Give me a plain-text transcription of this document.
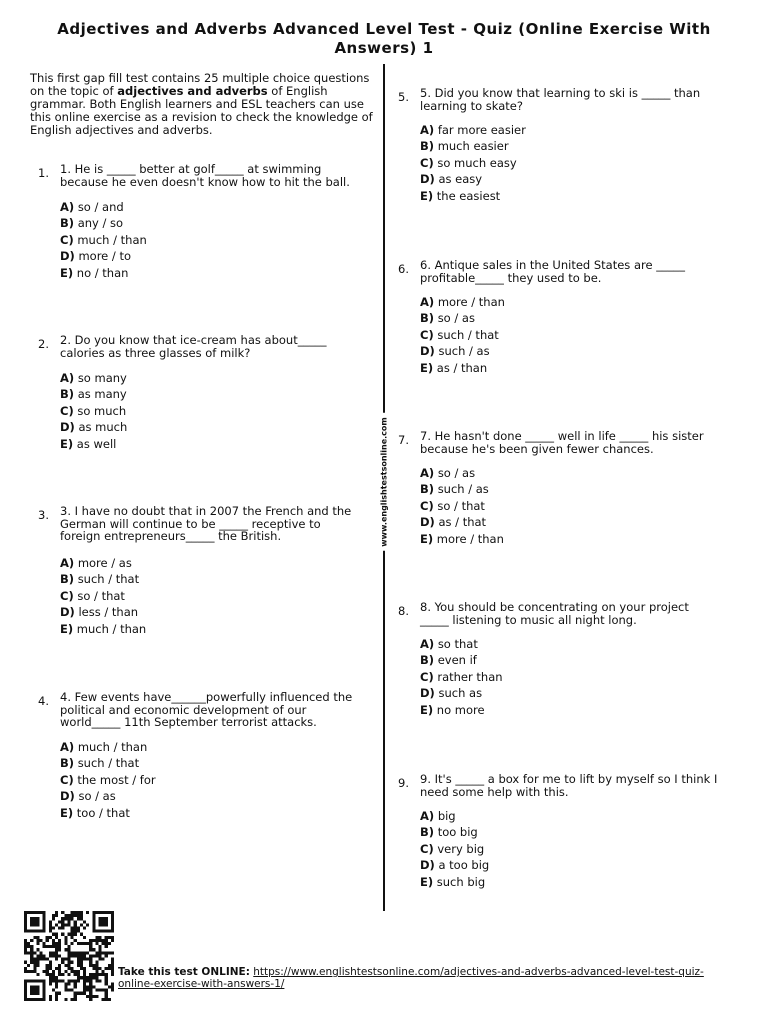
Adjectives and Adverbs Advanced Level Test - Quiz (Online Exercise With Answers) 1
This first gap fill test contains 25 multiple choice questions on the topic of adjectives and adverbs of English grammar. Both English learners and ESL teachers can use this online exercise as a revision to check the knowledge of English adjectives and adverbs.
www.englishtestsonline.com
1. 1. He is _____ better at golf_____ at swimming because he even doesn't know how to hit the ball.
A) so / and
B) any / so
C) much / than
D) more / to
E) no / than
2. 2. Do you know that ice-cream has about_____ calories as three glasses of milk?
A) so many
B) as many
C) so much
D) as much
E) as well
3. 3. I have no doubt that in 2007 the French and the German will continue to be _____ receptive to foreign entrepreneurs_____ the British.
A) more / as
B) such / that
C) so / that
D) less / than
E) much / than
4. 4. Few events have______powerfully influenced the political and economic development of our world_____ 11th September terrorist attacks.
A) much / than
B) such / that
C) the most / for
D) so / as
E) too / that
5. 5. Did you know that learning to ski is _____ than learning to skate?
A) far more easier
B) much easier
C) so much easy
D) as easy
E) the easiest
6. 6. Antique sales in the United States are _____ profitable_____ they used to be.
A) more / than
B) so / as
C) such / that
D) such / as
E) as / than
7. 7. He hasn't done _____ well in life _____ his sister because he's been given fewer chances.
A) so / as
B) such / as
C) so / that
D) as / that
E) more / than
8. 8. You should be concentrating on your project _____ listening to music all night long.
A) so that
B) even if
C) rather than
D) such as
E) no more
9. 9. It's _____ a box for me to lift by myself so I think I need some help with this.
A) big
B) too big
C) very big
D) a too big
E) such big
Take this test ONLINE: https://www.englishtestsonline.com/adjectives-and-adverbs-advanced-level-test-quiz-online-exercise-with-answers-1/
